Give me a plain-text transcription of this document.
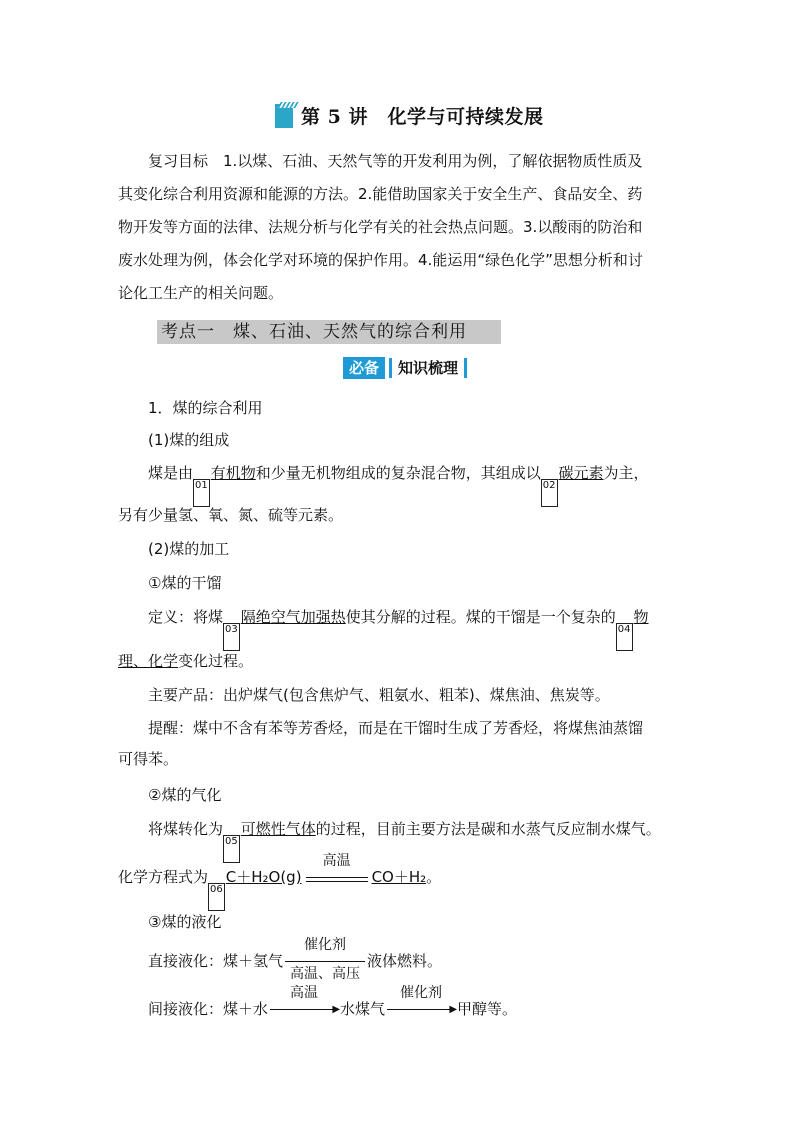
第 5 讲　化学与可持续发展
复习目标　1.以煤、石油、天然气等的开发利用为例，了解依据物质性质及
其变化综合利用资源和能源的方法。2.能借助国家关于安全生产、食品安全、药
物开发等方面的法律、法规分析与化学有关的社会热点问题。3.以酸雨的防治和
废水处理为例，体会化学对环境的保护作用。4.能运用“绿色化学”思想分析和讨
论化工生产的相关问题。
考点一　煤、石油、天然气的综合利用
必备	知识梳理
1．煤的综合利用
(1)煤的组成
煤是由01有机物和少量无机物组成的复杂混合物，其组成以02碳元素为主，
另有少量氢、氧、氮、硫等元素。
(2)煤的加工
①煤的干馏
定义：将煤03隔绝空气加强热使其分解的过程。煤的干馏是一个复杂的04物
理、化学变化过程。
主要产品：出炉煤气(包含焦炉气、粗氨水、粗苯)、煤焦油、焦炭等。
提醒：煤中不含有苯等芳香烃，而是在干馏时生成了芳香烃，将煤焦油蒸馏
可得苯。
②煤的气化
将煤转化为05可燃性气体的过程，目前主要方法是碳和水蒸气反应制水煤气。
化学方程式为06C＋H₂O(g)
高温
CO＋H₂。
③煤的液化
直接液化：煤＋氢气
催化剂
高温、高压
液体燃料。
间接液化：煤＋水
高温
▶ 水煤气
催化剂
▶ 甲醇等。
